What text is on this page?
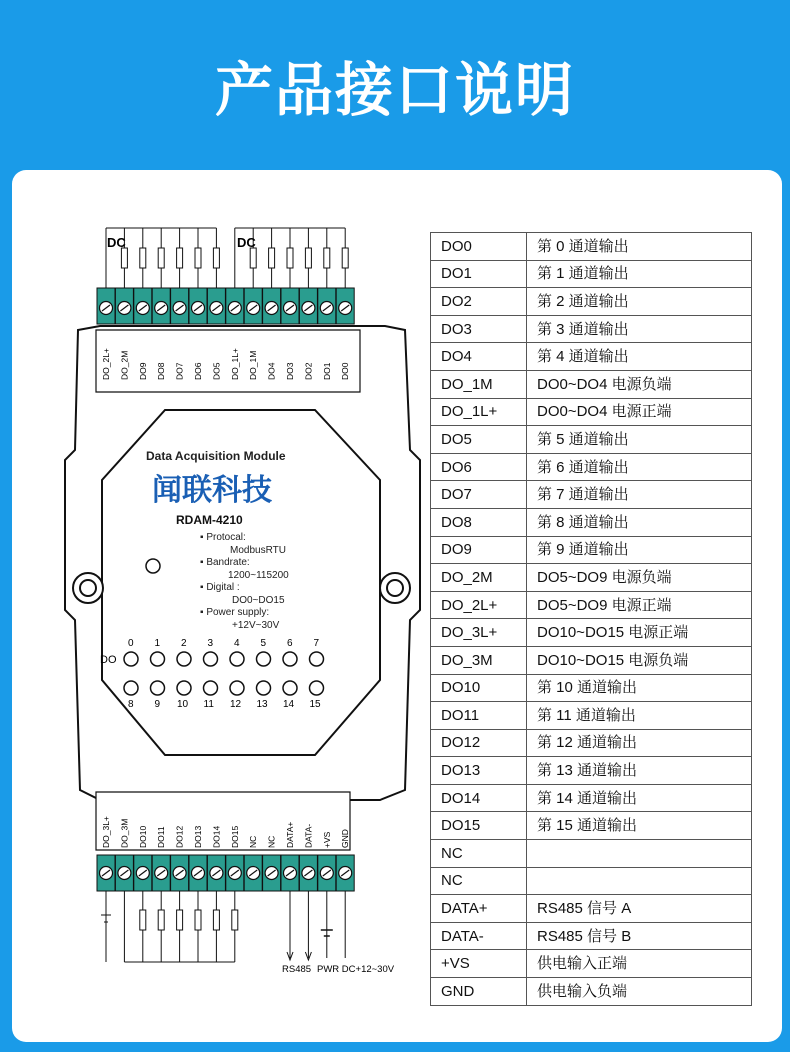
产品接口说明
DC	DC
DO_2L+ DO_2M DO9 DO8 DO7 DO6 DO5 DO_1L+ DO_1M DO4 DO3 DO2 DO1 DO0
Data Acquisition Module
闻联科技
RDAM-4210
▪ Protocal:
ModbusRTU
▪ Bandrate:
1200~115200
▪ Digital :
DO0~DO15
▪ Power supply:
+12V~30V
DO
0
8
1
9
2
10
3
11
4
12
5
13
6
14
7
15
DO_3L+ DO_3M DO10 DO11 DO12 DO13 DO14 DO15 NC NC DATA+ DATA- +VS GND
RS485 PWR DC+12~30V
DO0	第 0 通道输出
DO1	第 1 通道输出
DO2	第 2 通道输出
DO3	第 3 通道输出
DO4	第 4 通道输出
DO_1M	DO0~DO4 电源负端
DO_1L+	DO0~DO4 电源正端
DO5	第 5 通道输出
DO6	第 6 通道输出
DO7	第 7 通道输出
DO8	第 8 通道输出
DO9	第 9 通道输出
DO_2M	DO5~DO9 电源负端
DO_2L+	DO5~DO9 电源正端
DO_3L+	DO10~DO15 电源正端
DO_3M	DO10~DO15 电源负端
DO10	第 10 通道输出
DO11	第 11 通道输出
DO12	第 12 通道输出
DO13	第 13 通道输出
DO14	第 14 通道输出
DO15	第 15 通道输出
NC	
NC	
DATA+	RS485 信号 A
DATA-	RS485 信号 B
+VS	供电输入正端
GND	供电输入负端
